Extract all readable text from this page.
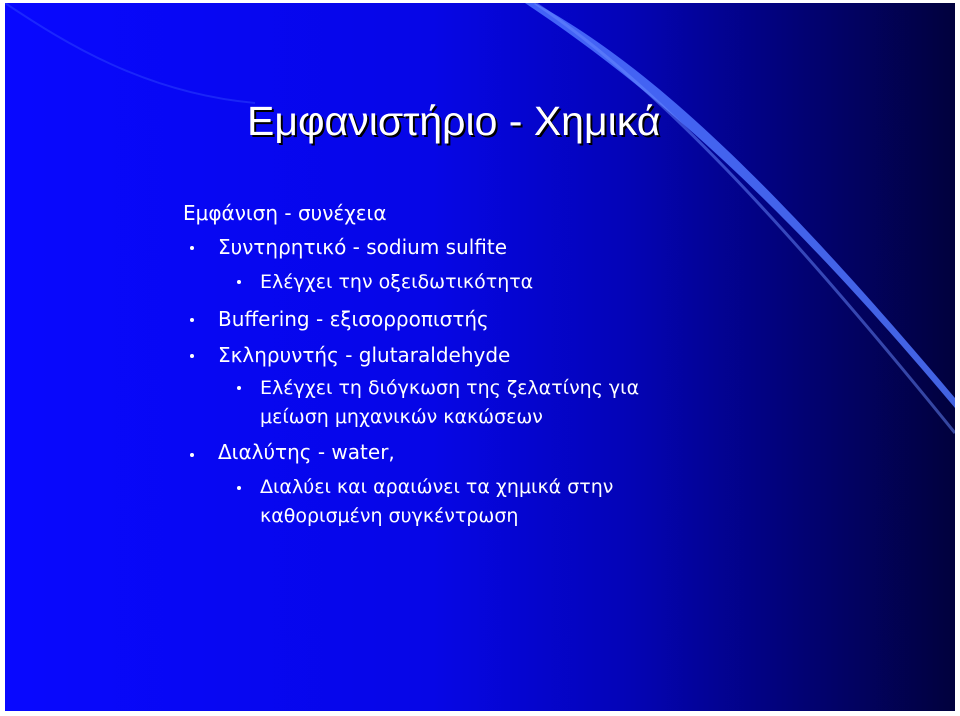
Εμφανιστήριο - Χημικά
Εμφάνιση - συνέχεια
Συντηρητικό - sodium sulfite
Ελέγχει την οξειδωτικότητα
Buffering - εξισορροπιστής
Σκληρυντής - glutaraldehyde
Ελέγχει τη διόγκωση της ζελατίνης για
μείωση μηχανικών κακώσεων
Διαλύτης - water,
Διαλύει και αραιώνει τα χημικά στην
καθορισμένη συγκέντρωση
